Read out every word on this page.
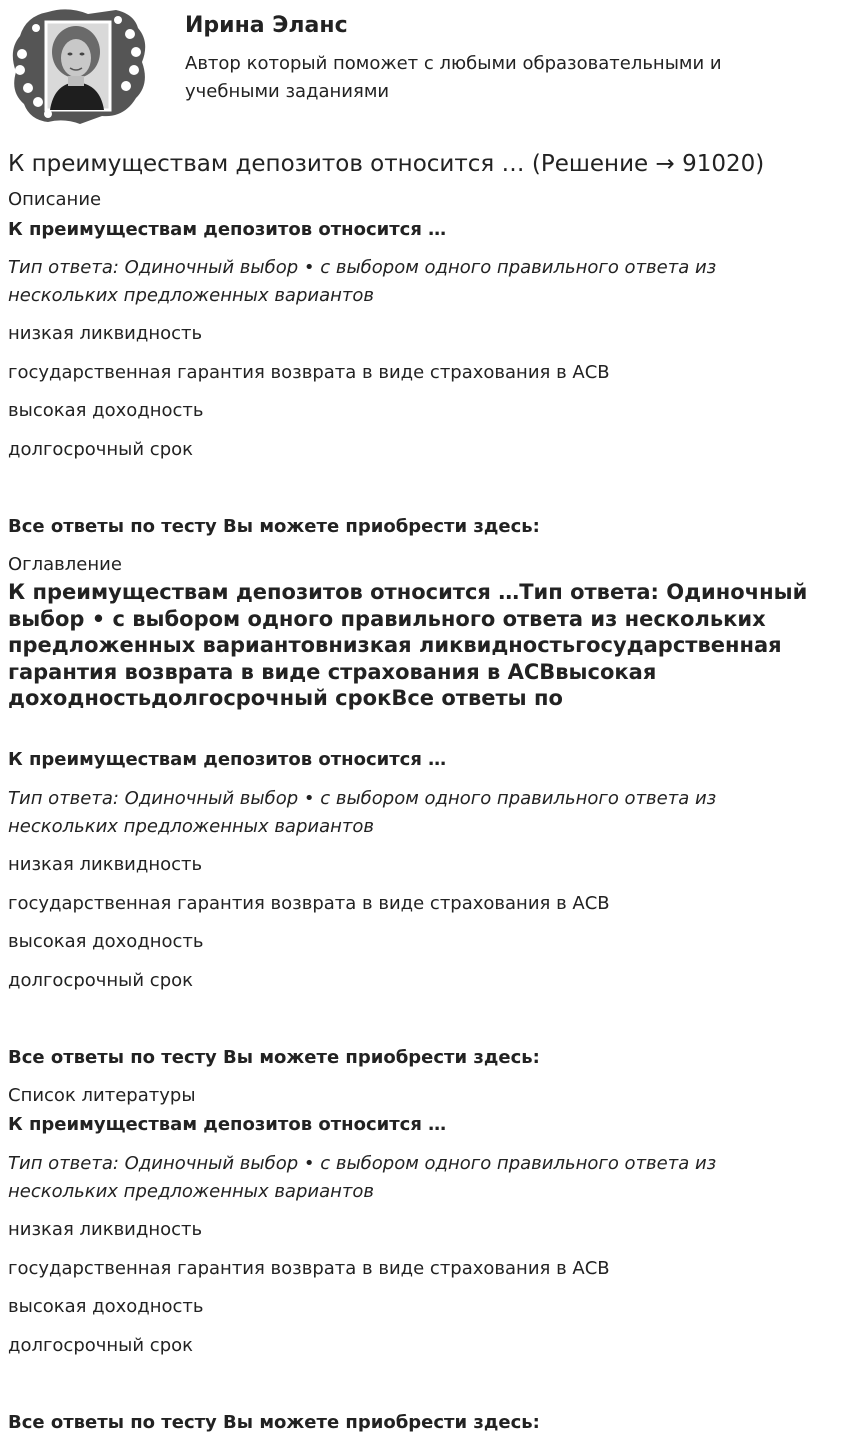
Ирина Эланс
Автор который поможет с любыми образовательными и учебными заданиями
К преимуществам депозитов относится … (Решение → 91020)
Описание
К преимуществам депозитов относится …
Тип ответа: Одиночный выбор • с выбором одного правильного ответа из нескольких предложенных вариантов
низкая ликвидность
государственная гарантия возврата в виде страхования в АСВ
высокая доходность
долгосрочный срок
Все ответы по тесту Вы можете приобрести здесь:
Оглавление
К преимуществам депозитов относится …Тип ответа: Одиночный выбор • с выбором одного правильного ответа из нескольких предложенных вариантовнизкая ликвидностьгосударственная гарантия возврата в виде страхования в АСВвысокая доходностьдолгосрочный срокВсе ответы по
К преимуществам депозитов относится …
Тип ответа: Одиночный выбор • с выбором одного правильного ответа из нескольких предложенных вариантов
низкая ликвидность
государственная гарантия возврата в виде страхования в АСВ
высокая доходность
долгосрочный срок
Все ответы по тесту Вы можете приобрести здесь:
Список литературы
К преимуществам депозитов относится …
Тип ответа: Одиночный выбор • с выбором одного правильного ответа из нескольких предложенных вариантов
низкая ликвидность
государственная гарантия возврата в виде страхования в АСВ
высокая доходность
долгосрочный срок
Все ответы по тесту Вы можете приобрести здесь:
